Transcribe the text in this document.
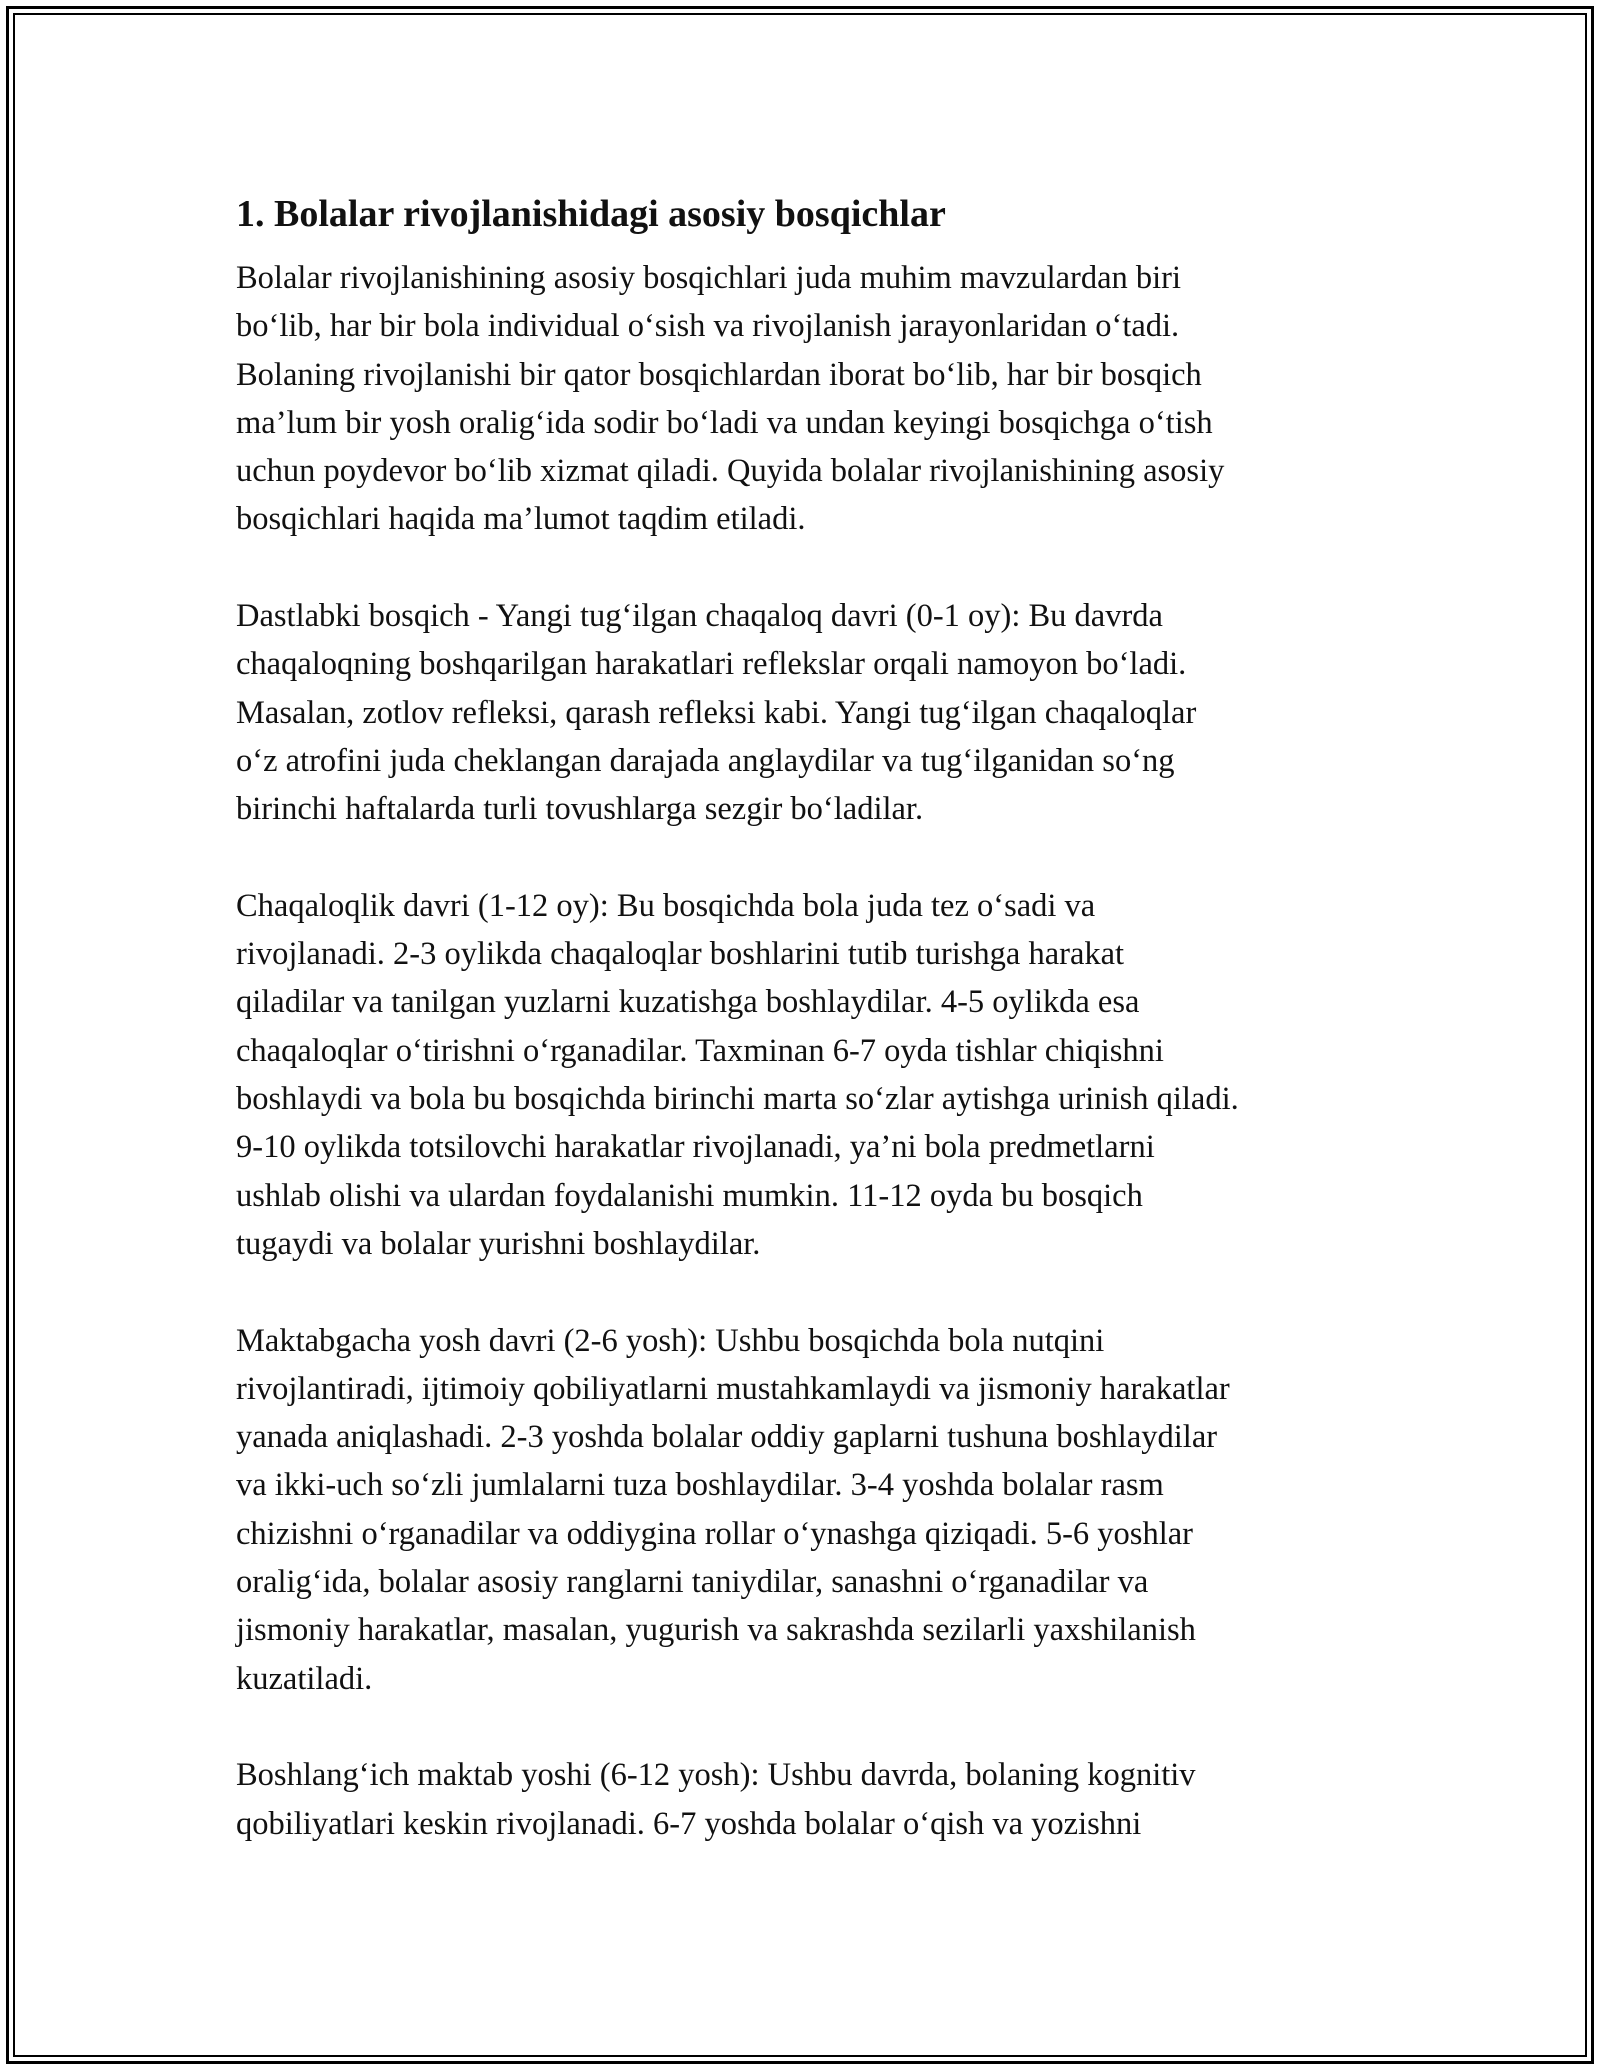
1. Bolalar rivojlanishidagi asosiy bosqichlar

Bolalar rivojlanishining asosiy bosqichlari juda muhim mavzulardan biri
bo‘lib, har bir bola individual o‘sish va rivojlanish jarayonlaridan o‘tadi.
Bolaning rivojlanishi bir qator bosqichlardan iborat bo‘lib, har bir bosqich
ma’lum bir yosh oralig‘ida sodir bo‘ladi va undan keyingi bosqichga o‘tish
uchun poydevor bo‘lib xizmat qiladi. Quyida bolalar rivojlanishining asosiy
bosqichlari haqida ma’lumot taqdim etiladi.

Dastlabki bosqich - Yangi tug‘ilgan chaqaloq davri (0-1 oy): Bu davrda
chaqaloqning boshqarilgan harakatlari reflekslar orqali namoyon bo‘ladi.
Masalan, zotlov refleksi, qarash refleksi kabi. Yangi tug‘ilgan chaqaloqlar
o‘z atrofini juda cheklangan darajada anglaydilar va tug‘ilganidan so‘ng
birinchi haftalarda turli tovushlarga sezgir bo‘ladilar.

Chaqaloqlik davri (1-12 oy): Bu bosqichda bola juda tez o‘sadi va
rivojlanadi. 2-3 oylikda chaqaloqlar boshlarini tutib turishga harakat
qiladilar va tanilgan yuzlarni kuzatishga boshlaydilar. 4-5 oylikda esa
chaqaloqlar o‘tirishni o‘rganadilar. Taxminan 6-7 oyda tishlar chiqishni
boshlaydi va bola bu bosqichda birinchi marta so‘zlar aytishga urinish qiladi.
9-10 oylikda totsilovchi harakatlar rivojlanadi, ya’ni bola predmetlarni
ushlab olishi va ulardan foydalanishi mumkin. 11-12 oyda bu bosqich
tugaydi va bolalar yurishni boshlaydilar.

Maktabgacha yosh davri (2-6 yosh): Ushbu bosqichda bola nutqini
rivojlantiradi, ijtimoiy qobiliyatlarni mustahkamlaydi va jismoniy harakatlar
yanada aniqlashadi. 2-3 yoshda bolalar oddiy gaplarni tushuna boshlaydilar
va ikki-uch so‘zli jumlalarni tuza boshlaydilar. 3-4 yoshda bolalar rasm
chizishni o‘rganadilar va oddiygina rollar o‘ynashga qiziqadi. 5-6 yoshlar
oralig‘ida, bolalar asosiy ranglarni taniydilar, sanashni o‘rganadilar va
jismoniy harakatlar, masalan, yugurish va sakrashda sezilarli yaxshilanish
kuzatiladi.

Boshlang‘ich maktab yoshi (6-12 yosh): Ushbu davrda, bolaning kognitiv
qobiliyatlari keskin rivojlanadi. 6-7 yoshda bolalar o‘qish va yozishni
